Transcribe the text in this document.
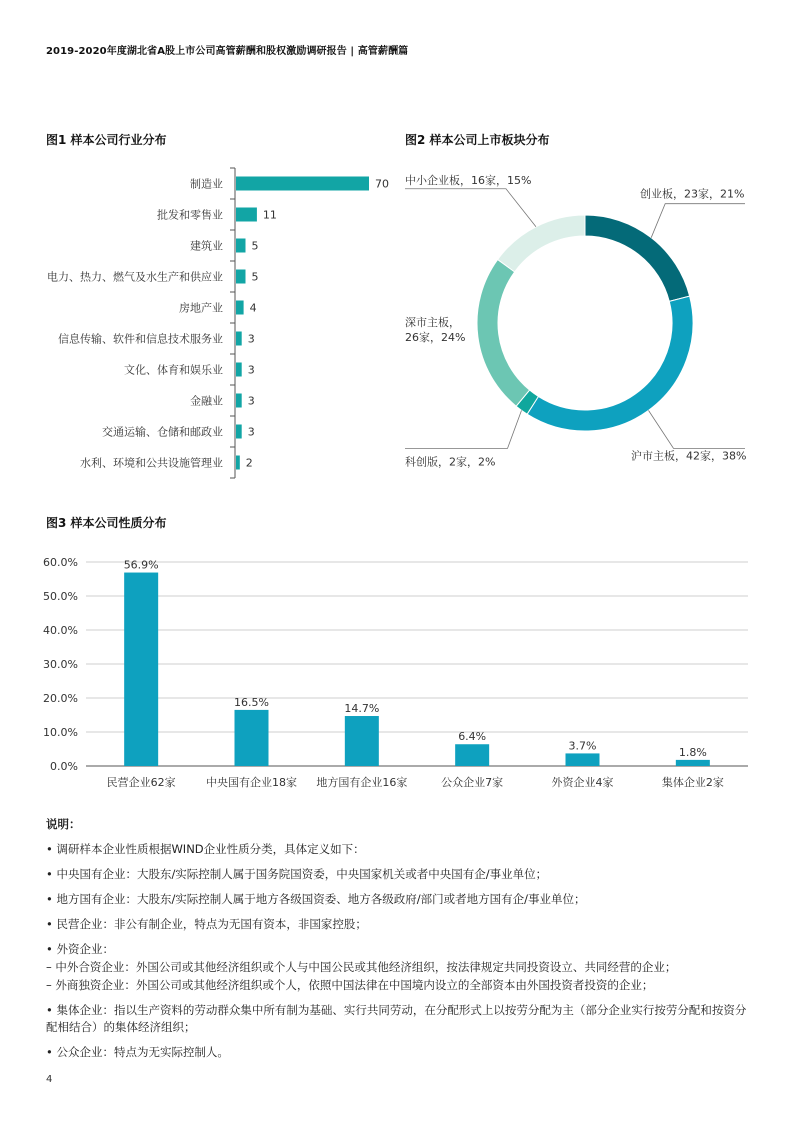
2019-2020年度湖北省A股上市公司高管薪酬和股权激励调研报告 | 高管薪酬篇
图1 样本公司行业分布	图2 样本公司上市板块分布
图3 样本公司性质分布
制造业	70
批发和零售业	11
建筑业	5
电力、热力、燃气及水生产和供应业	5
房地产业 4
信息传输、软件和信息技术服务业 3
文化、体育和娱乐业 3
金融业 3
交通运输、仓储和邮政业 3
水利、环境和公共设施管理业 2
创业板，23家，21%
沪市主板，42家，38%
科创版，2家，2%
深市主板，
26家，24%
中小企业板，16家，15%
0.0%
10.0%
20.0%
30.0%
40.0%
50.0%
60.0%	56.9%
民营企业62家
16.5%
中央国有企业18家
14.7%
地方国有企业16家
6.4%
公众企业7家
3.7%
外资企业4家
1.8%
集体企业2家
说明：
• 调研样本企业性质根据WIND企业性质分类，具体定义如下：
• 中央国有企业：大股东/实际控制人属于国务院国资委，中央国家机关或者中央国有企/事业单位；
• 地方国有企业：大股东/实际控制人属于地方各级国资委、地方各级政府/部门或者地方国有企/事业单位；
• 民营企业：非公有制企业，特点为无国有资本，非国家控股；
• 外资企业：
– 中外合资企业：外国公司或其他经济组织或个人与中国公民或其他经济组织，按法律规定共同投资设立、共同经营的企业；
– 外商独资企业：外国公司或其他经济组织或个人，依照中国法律在中国境内设立的全部资本由外国投资者投资的企业；
• 集体企业：指以生产资料的劳动群众集中所有制为基础、实行共同劳动，在分配形式上以按劳分配为主（部分企业实行按劳分配和按资分配相结合）的集体经济组织；
• 公众企业：特点为无实际控制人。
4
